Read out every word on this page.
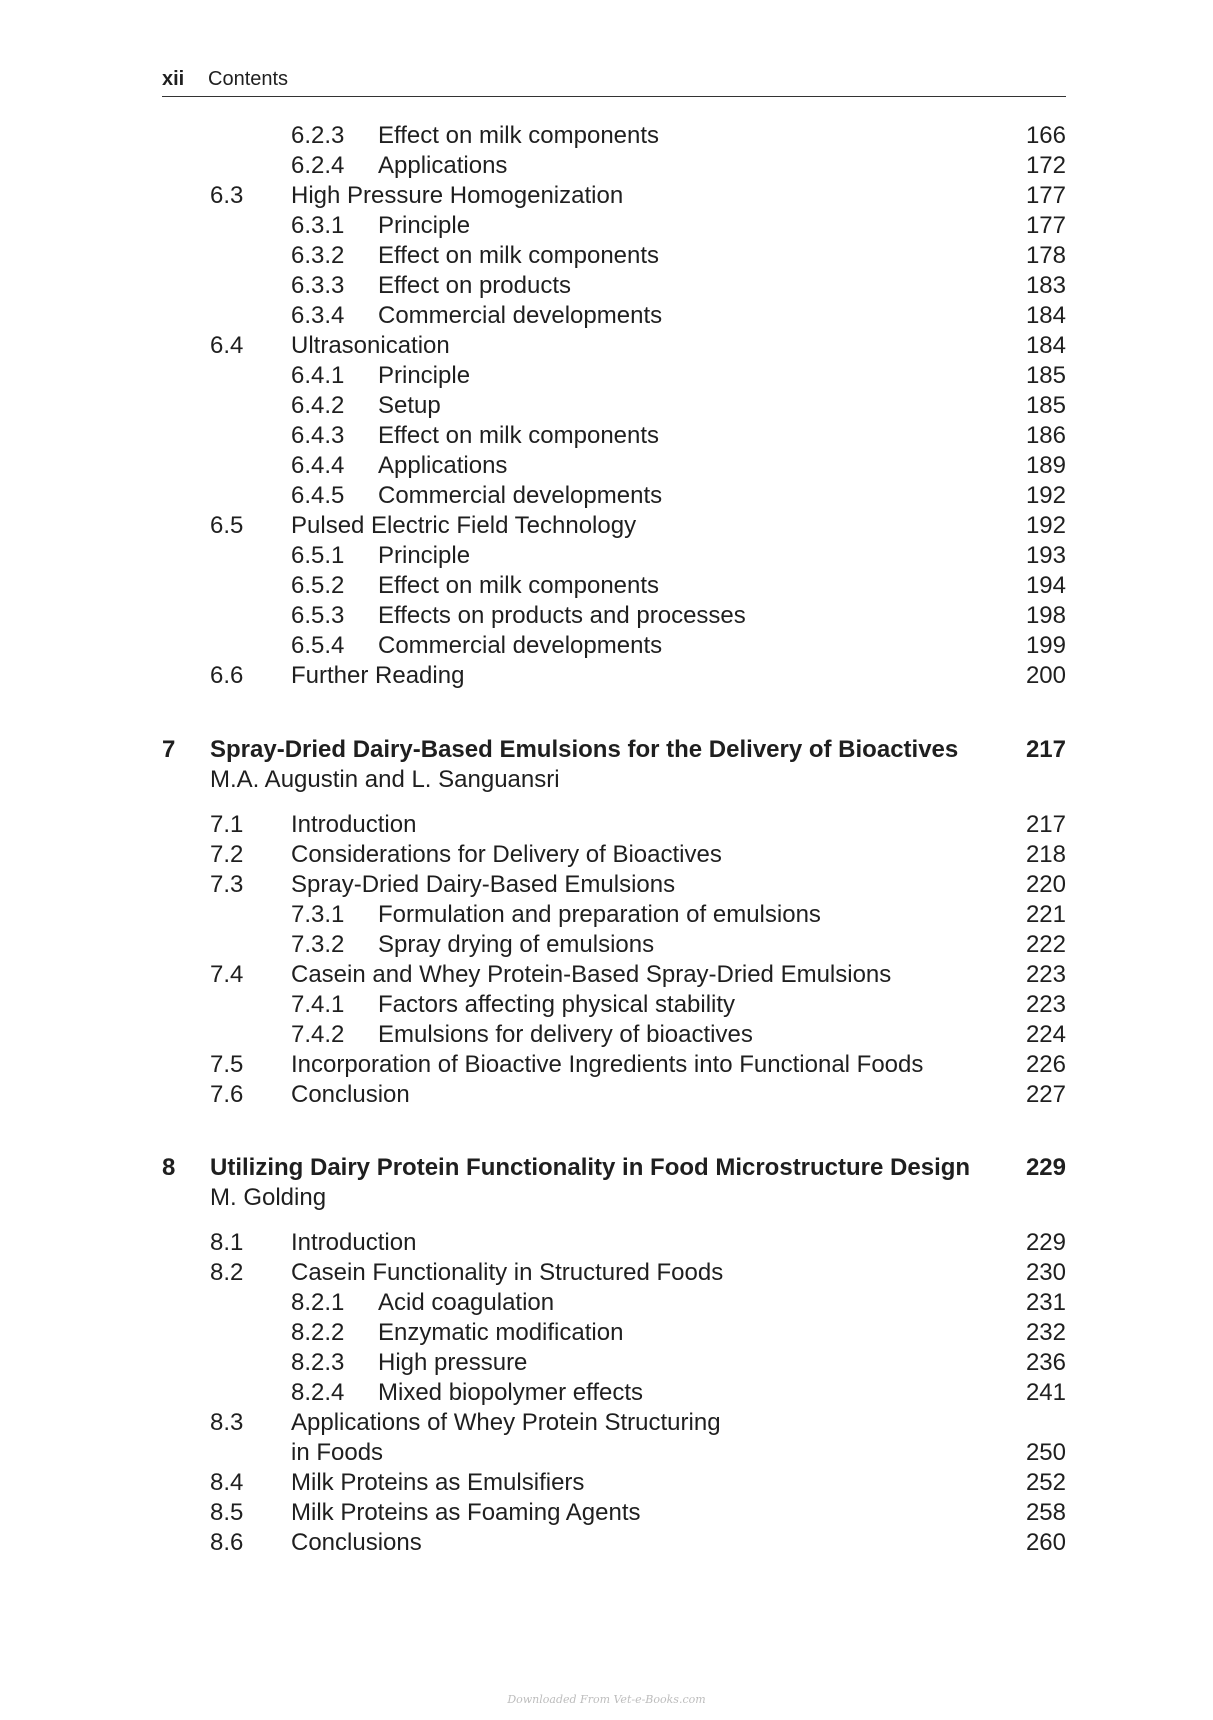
xii Contents
6.2.3 Effect on milk components	166
6.2.4 Applications	172
6.3 High Pressure Homogenization	177
6.3.1 Principle	177
6.3.2 Effect on milk components	178
6.3.3 Effect on products	183
6.3.4 Commercial developments	184
6.4 Ultrasonication	184
6.4.1 Principle	185
6.4.2 Setup	185
6.4.3 Effect on milk components	186
6.4.4 Applications	189
6.4.5 Commercial developments	192
6.5 Pulsed Electric Field Technology	192
6.5.1 Principle	193
6.5.2 Effect on milk components	194
6.5.3 Effects on products and processes	198
6.5.4 Commercial developments	199
6.6 Further Reading	200
7 Spray-Dried Dairy-Based Emulsions for the Delivery of Bioactives	217
M.A. Augustin and L. Sanguansri
7.1 Introduction	217
7.2 Considerations for Delivery of Bioactives	218
7.3 Spray-Dried Dairy-Based Emulsions	220
7.3.1 Formulation and preparation of emulsions	221
7.3.2 Spray drying of emulsions	222
7.4 Casein and Whey Protein-Based Spray-Dried Emulsions	223
7.4.1 Factors affecting physical stability	223
7.4.2 Emulsions for delivery of bioactives	224
7.5 Incorporation of Bioactive Ingredients into Functional Foods	226
7.6 Conclusion	227
8 Utilizing Dairy Protein Functionality in Food Microstructure Design	229
M. Golding
8.1 Introduction	229
8.2 Casein Functionality in Structured Foods	230
8.2.1 Acid coagulation	231
8.2.2 Enzymatic modification	232
8.2.3 High pressure	236
8.2.4 Mixed biopolymer effects	241
8.3 Applications of Whey Protein Structuring
in Foods	250
8.4 Milk Proteins as Emulsifiers	252
8.5 Milk Proteins as Foaming Agents	258
8.6 Conclusions	260
Downloaded From Vet-e-Books.com
